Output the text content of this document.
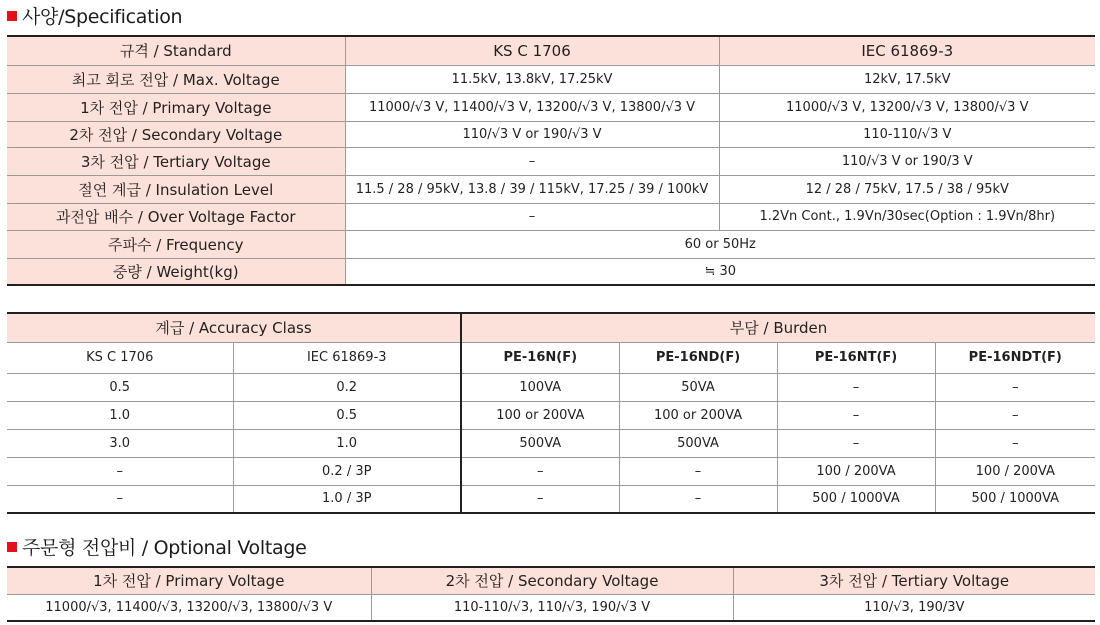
사양/Specification
규격 / Standard	KS C 1706	IEC 61869-3
최고 회로 전압 / Max. Voltage	11.5kV, 13.8kV, 17.25kV	12kV, 17.5kV
1차 전압 / Primary Voltage	11000/√3 V, 11400/√3 V, 13200/√3 V, 13800/√3 V	11000/√3 V, 13200/√3 V, 13800/√3 V
2차 전압 / Secondary Voltage	110/√3 V or 190/√3 V	110-110/√3 V
3차 전압 / Tertiary Voltage	–	110/√3 V or 190/3 V
절연 계급 / Insulation Level	11.5 / 28 / 95kV, 13.8 / 39 / 115kV, 17.25 / 39 / 100kV	12 / 28 / 75kV, 17.5 / 38 / 95kV
과전압 배수 / Over Voltage Factor	–	1.2Vn Cont., 1.9Vn/30sec(Option : 1.9Vn/8hr)
주파수 / Frequency	60 or 50Hz	
중량 / Weight(kg)	≒ 30	
계급 / Accuracy Class		부담 / Burden			
KS C 1706	IEC 61869-3	PE-16N(F)	PE-16ND(F)	PE-16NT(F)	PE-16NDT(F)
0.5	0.2	100VA	50VA	–	–
1.0	0.5	100 or 200VA	100 or 200VA	–	–
3.0	1.0	500VA	500VA	–	–
–	0.2 / 3P	–	–	100 / 200VA	100 / 200VA
–	1.0 / 3P	–	–	500 / 1000VA	500 / 1000VA
주문형 전압비 / Optional Voltage
1차 전압 / Primary Voltage	2차 전압 / Secondary Voltage	3차 전압 / Tertiary Voltage
11000/√3, 11400/√3, 13200/√3, 13800/√3 V	110-110/√3, 110/√3, 190/√3 V	110/√3, 190/3V
